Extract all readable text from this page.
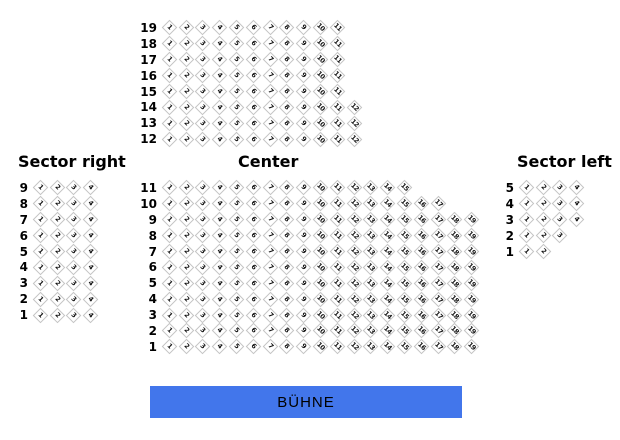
19 1 2 3 4 5 6 7 8 9 10 11
18 1 2 3 4 5 6 7 8 9 10 11
17 1 2 3 4 5 6 7 8 9 10 11
16 1 2 3 4 5 6 7 8 9 10 11
15 1 2 3 4 5 6 7 8 9 10 11
14 1 2 3 4 5 6 7 8 9 10 11 12
13 1 2 3 4 5 6 7 8 9 10 11 12
12 1 2 3 4 5 6 7 8 9 10 11 12
Sector right	Center	Sector left
9 1 2 3 4
8 1 2 3 4
7 1 2 3 4
6 1 2 3 4
5 1 2 3 4
4 1 2 3 4
3 1 2 3 4
2 1 2 3 4
1 1 2 3 4
11 1 2 3 4 5 6 7 8 9 10 11 12 13 14 15
10 1 2 3 4 5 6 7 8 9 10 11 12 13 14 15 16 17
9 1 2 3 4 5 6 7 8 9 10 11 12 13 14 15 16 17 18 19
8 1 2 3 4 5 6 7 8 9 10 11 12 13 14 15 16 17 18 19
7 1 2 3 4 5 6 7 8 9 10 11 12 13 14 15 16 17 18 19
6 1 2 3 4 5 6 7 8 9 10 11 12 13 14 15 16 17 18 19
5 1 2 3 4 5 6 7 8 9 10 11 12 13 14 15 16 17 18 19
4 1 2 3 4 5 6 7 8 9 10 11 12 13 14 15 16 17 18 19
3 1 2 3 4 5 6 7 8 9 10 11 12 13 14 15 16 17 18 19
2 1 2 3 4 5 6 7 8 9 10 11 12 13 14 15 16 17 18 19
1 1 2 3 4 5 6 7 8 9 10 11 12 13 14 15 16 17 18 19
5 1 2 3 4
4 1 2 3 4
3 1 2 3 4
2 1 2 3
1 1 2
BÜHNE
